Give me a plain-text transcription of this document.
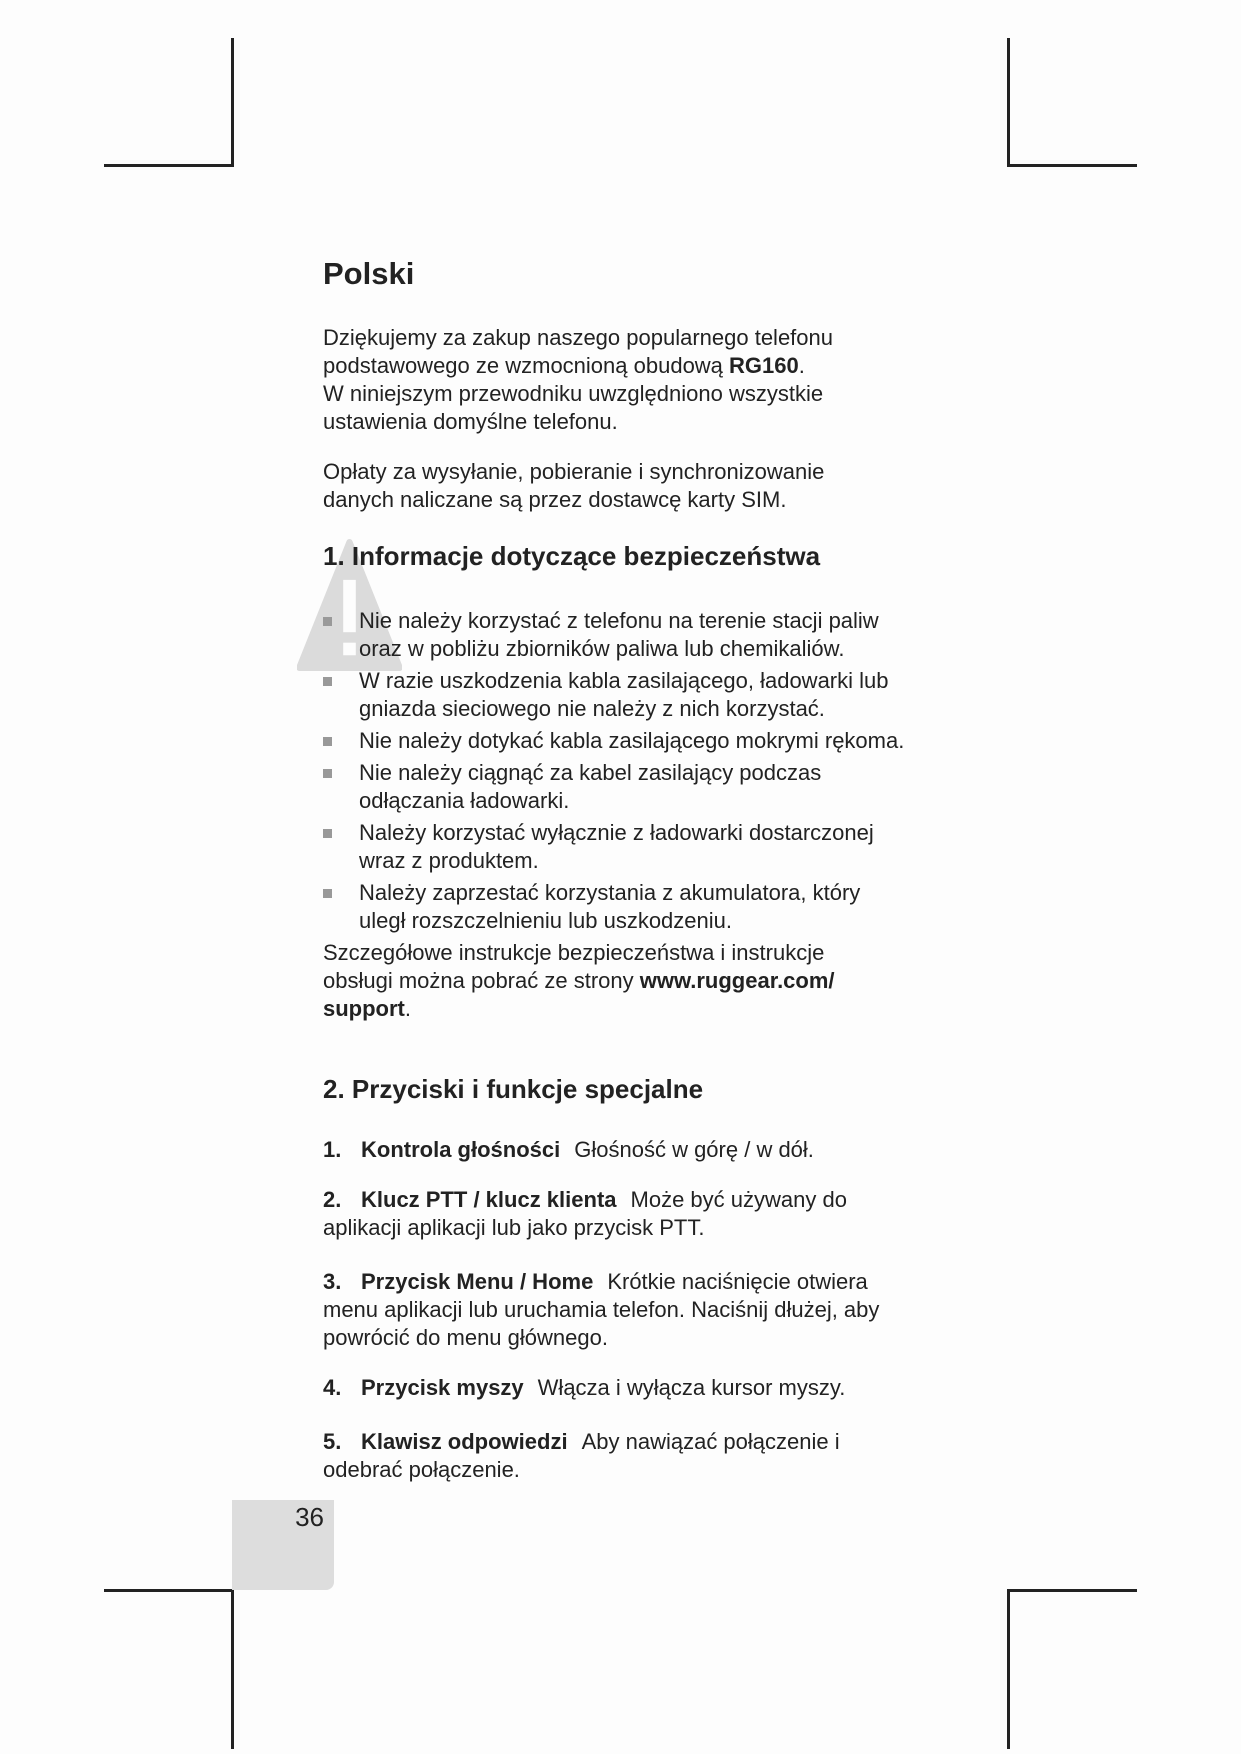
Polski

Dziękujemy za zakup naszego popularnego telefonu podstawowego ze wzmocnioną obudową RG160.
W niniejszym przewodniku uwzględniono wszystkie ustawienia domyślne telefonu.

Opłaty za wysyłanie, pobieranie i synchronizowanie danych naliczane są przez dostawcę karty SIM.

1. Informacje dotyczące bezpieczeństwa

Nie należy korzystać z telefonu na terenie stacji paliw oraz w pobliżu zbiorników paliwa lub chemikaliów.

W razie uszkodzenia kabla zasilającego, ładowarki lub gniazda sieciowego nie należy z nich korzystać.

Nie należy dotykać kabla zasilającego mokrymi rękoma.

Nie należy ciągnąć za kabel zasilający podczas odłączania ładowarki.

Należy korzystać wyłącznie z ładowarki dostarczonej wraz z produktem.

Należy zaprzestać korzystania z akumulatora, który uległ rozszczelnieniu lub uszkodzeniu.

Szczegółowe instrukcje bezpieczeństwa i instrukcje obsługi można pobrać ze strony www.ruggear.com/ support.

2. Przyciski i funkcje specjalne

1. Kontrola głośności Głośność w górę / w dół.

2. Klucz PTT / klucz klienta Może być używany do aplikacji aplikacji lub jako przycisk PTT.

3. Przycisk Menu / Home Krótkie naciśnięcie otwiera menu aplikacji lub uruchamia telefon. Naciśnij dłużej, aby powrócić do menu głównego.

4. Przycisk myszy Włącza i wyłącza kursor myszy.

5. Klawisz odpowiedzi Aby nawiązać połączenie i odebrać połączenie.

36
